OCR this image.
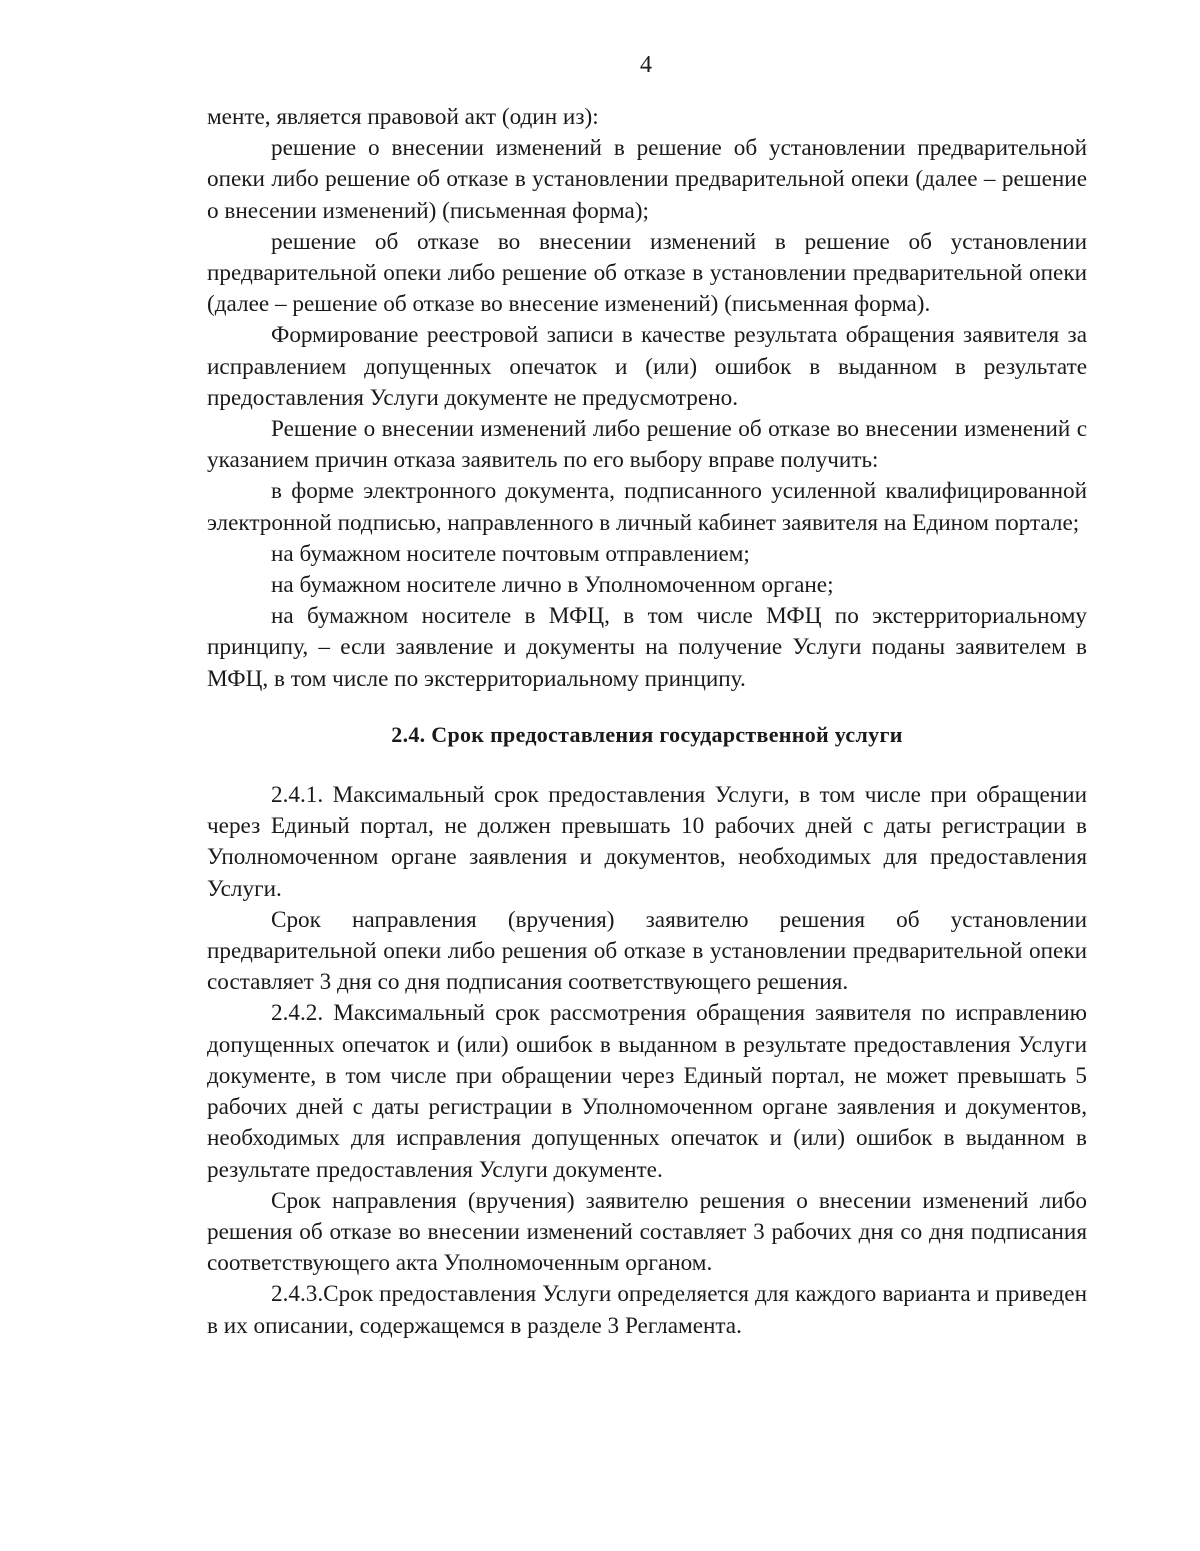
4

менте, является правовой акт (один из):

решение о внесении изменений в решение об установлении предварительной опеки либо решение об отказе в установлении предварительной опеки (далее – решение о внесении изменений) (письменная форма);

решение об отказе во внесении изменений в решение об установлении предварительной опеки либо решение об отказе в установлении предварительной опеки (далее – решение об отказе во внесение изменений) (письменная форма).

Формирование реестровой записи в качестве результата обращения заявителя за исправлением допущенных опечаток и (или) ошибок в выданном в результате предоставления Услуги документе не предусмотрено.

Решение о внесении изменений либо решение об отказе во внесении изменений с указанием причин отказа заявитель по его выбору вправе получить:

в форме электронного документа, подписанного усиленной квалифицированной электронной подписью, направленного в личный кабинет заявителя на Едином портале;

на бумажном носителе почтовым отправлением;

на бумажном носителе лично в Уполномоченном органе;

на бумажном носителе в МФЦ, в том числе МФЦ по экстерриториальному принципу, – если заявление и документы на получение Услуги поданы заявителем в МФЦ, в том числе по экстерриториальному принципу.

2.4. Срок предоставления государственной услуги

2.4.1. Максимальный срок предоставления Услуги, в том числе при обращении через Единый портал, не должен превышать 10 рабочих дней с даты регистрации в Уполномоченном органе заявления и документов, необходимых для предоставления Услуги.

Срок направления (вручения) заявителю решения об установлении предварительной опеки либо решения об отказе в установлении предварительной опеки составляет 3 дня со дня подписания соответствующего решения.

2.4.2. Максимальный срок рассмотрения обращения заявителя по исправлению допущенных опечаток и (или) ошибок в выданном в результате предоставления Услуги документе, в том числе при обращении через Единый портал, не может превышать 5 рабочих дней с даты регистрации в Уполномоченном органе заявления и документов, необходимых для исправления допущенных опечаток и (или) ошибок в выданном в результате предоставления Услуги документе.

Срок направления (вручения) заявителю решения о внесении изменений либо решения об отказе во внесении изменений составляет 3 рабочих дня со дня подписания соответствующего акта Уполномоченным органом.

2.4.3.Срок предоставления Услуги определяется для каждого варианта и приведен в их описании, содержащемся в разделе 3 Регламента.
